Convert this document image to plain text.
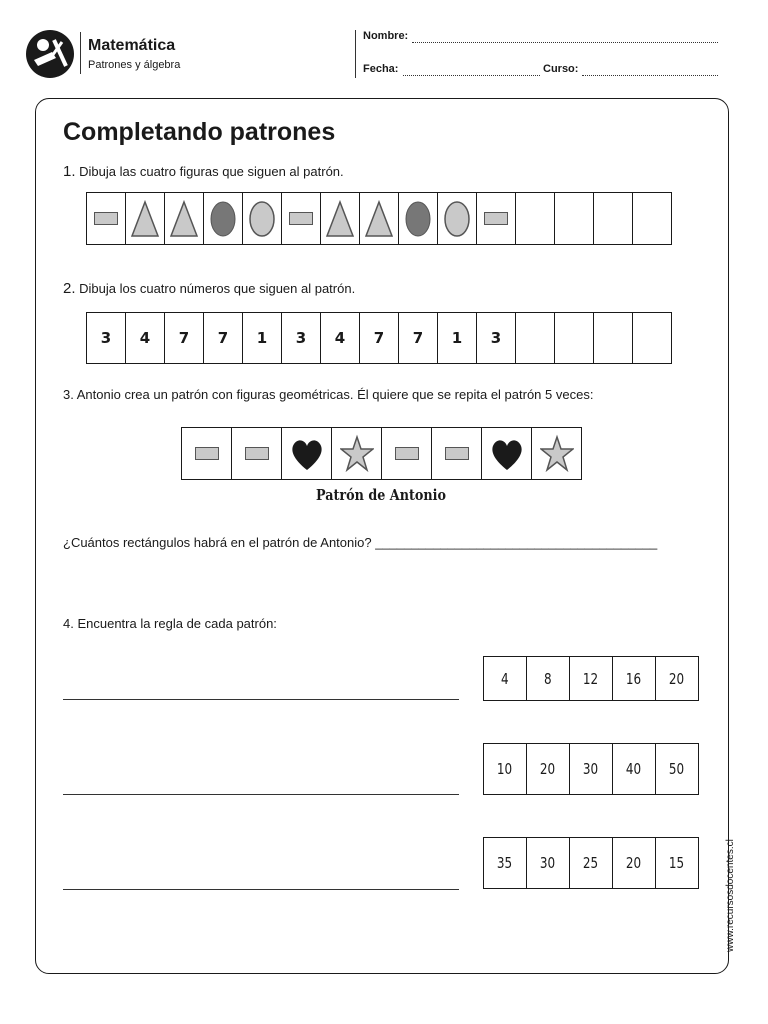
Matemática
Patrones y álgebra
Nombre:
Fecha:	Curso:
Completando patrones
1. Dibuja las cuatro figuras que siguen al patrón.
2. Dibuja los cuatro números que siguen al patrón.
3 4 7 7 1 3 4 7 7 1 3
3. Antonio crea un patrón con figuras geométricas. Él quiere que se repita el patrón 5 veces:
Patrón de Antonio
¿Cuántos rectángulos habrá en el patrón de Antonio? _______________________________________
4. Encuentra la regla de cada patrón:
4 8 12 16 20
10 20 30 40 50
35 30 25 20 15	www.recursosdocentes.cl
